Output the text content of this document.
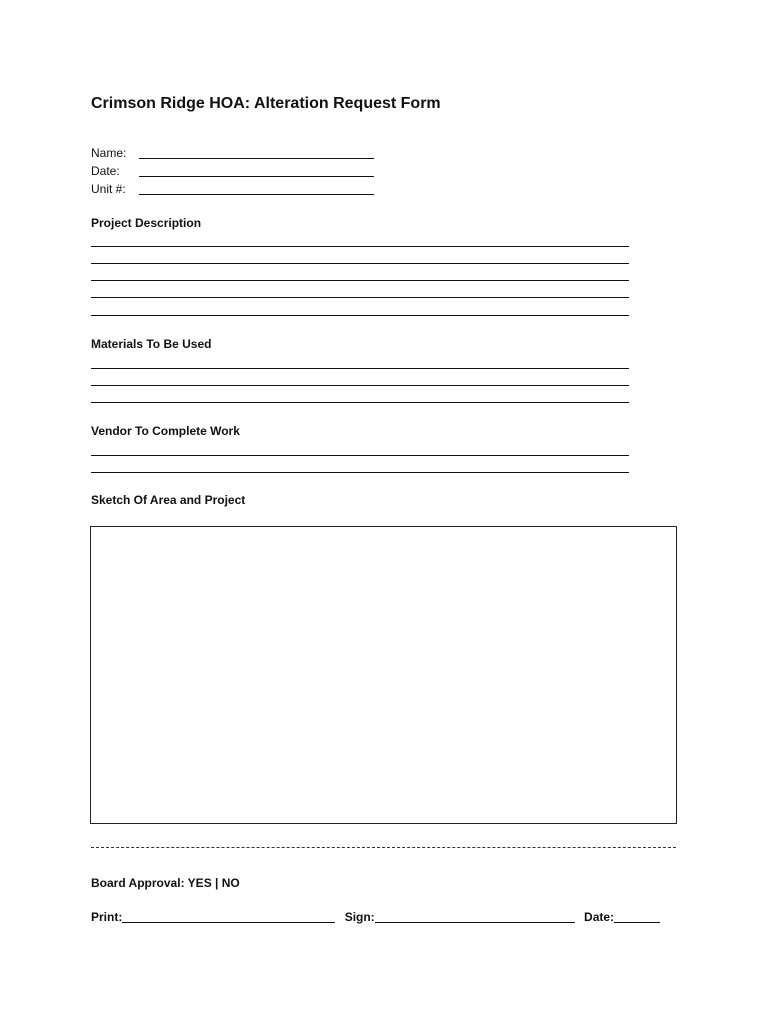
Crimson Ridge HOA: Alteration Request Form
Name:
Date:
Unit #:
Project Description
Materials To Be Used
Vendor To Complete Work
Sketch Of Area and Project
Board Approval: YES | NO
Print:	Sign:	Date:
